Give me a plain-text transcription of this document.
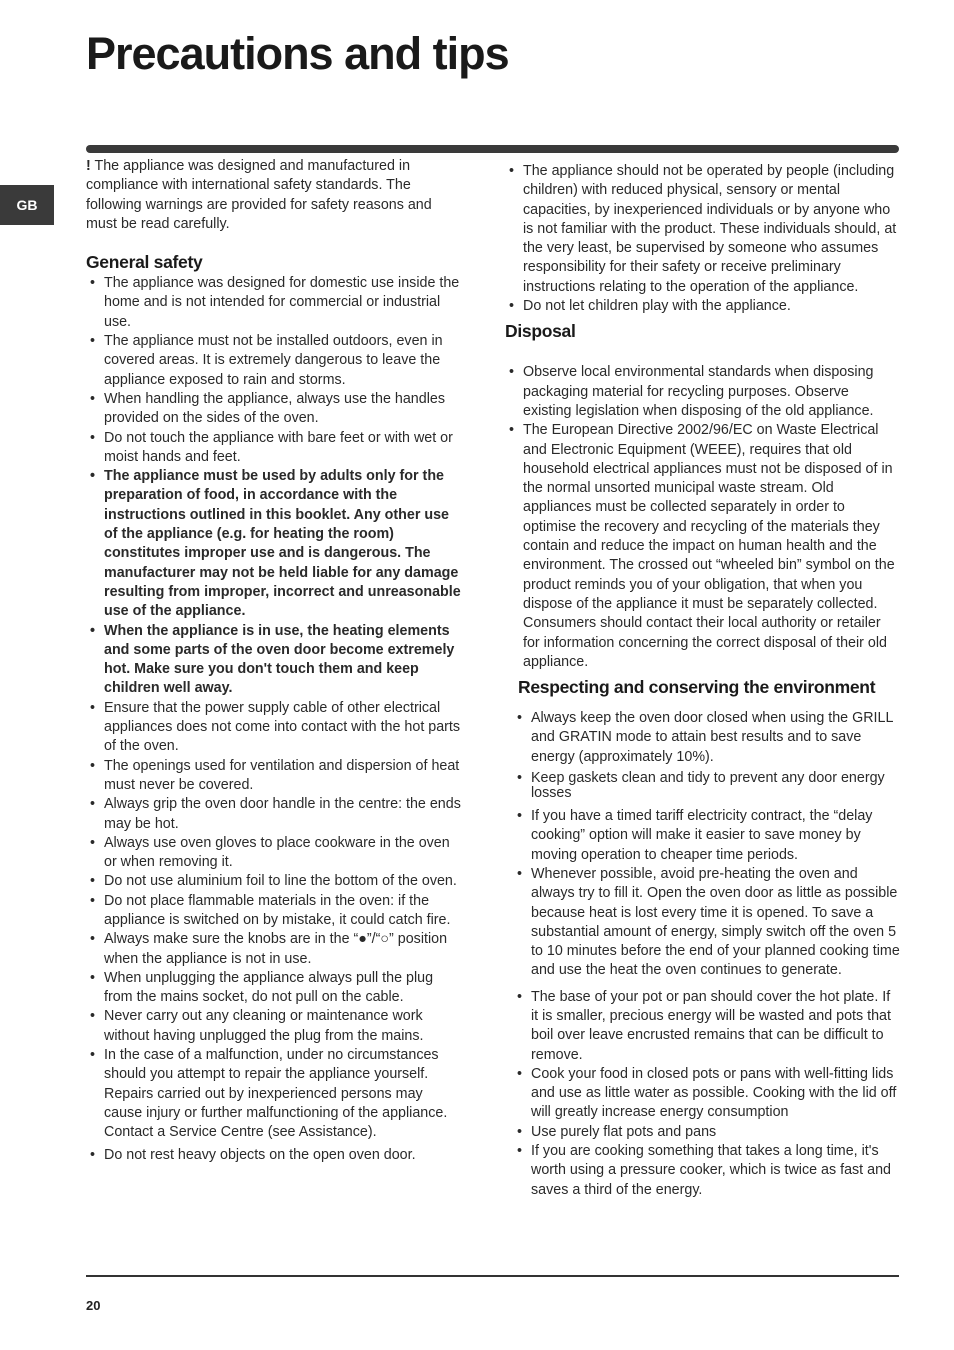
Precautions and tips
GB

! The appliance was designed and manufactured in compliance with international safety standards. The following warnings are provided for safety reasons and must be read carefully.

General safety
• The appliance was designed for domestic use inside the home and is not intended for commercial or industrial use.
• The appliance must not be installed outdoors, even in covered areas. It is extremely dangerous to leave the appliance exposed to rain and storms.
• When handling the appliance, always use the handles provided on the sides of the oven.
• Do not touch the appliance with bare feet or with wet or moist hands and feet.
• The appliance must be used by adults only for the preparation of food, in accordance with the instructions outlined in this booklet. Any other use of the appliance (e.g. for heating the room) constitutes improper use and is dangerous. The manufacturer may not be held liable for any damage resulting from improper, incorrect and unreasonable use of the appliance.
• When the appliance is in use, the heating elements and some parts of the oven door become extremely hot. Make sure you don't touch them and keep children well away.
• Ensure that the power supply cable of other electrical appliances does not come into contact with the hot parts of the oven.
• The openings used for ventilation and dispersion of heat must never be covered.
• Always grip the oven door handle in the centre: the ends may be hot.
• Always use oven gloves to place cookware in the oven or when removing it.
• Do not use aluminium foil to line the bottom of the oven.
• Do not place flammable materials in the oven: if the appliance is switched on by mistake, it could catch fire.
• Always make sure the knobs are in the “●”/“○” position when the appliance is not in use.
• When unplugging the appliance always pull the plug from the mains socket, do not pull on the cable.
• Never carry out any cleaning or maintenance work without having unplugged the plug from the mains.
• In the case of a malfunction, under no circumstances should you attempt to repair the appliance yourself. Repairs carried out by inexperienced persons may cause injury or further malfunctioning of the appliance. Contact a Service Centre (see Assistance).
• Do not rest heavy objects on the open oven door.
• The appliance should not be operated by people (including children) with reduced physical, sensory or mental capacities, by inexperienced individuals or by anyone who is not familiar with the product. These individuals should, at the very least, be supervised by someone who assumes responsibility for their safety or receive preliminary instructions relating to the operation of the appliance.
• Do not let children play with the appliance.
Disposal
• Observe local environmental standards when disposing packaging material for recycling purposes. Observe existing legislation when disposing of the old appliance.
• The European Directive 2002/96/EC on Waste Electrical and Electronic Equipment (WEEE), requires that old household electrical appliances must not be disposed of in the normal unsorted municipal waste stream. Old appliances must be collected separately in order to optimise the recovery and recycling of the materials they contain and reduce the impact on human health and the environment. The crossed out “wheeled bin” symbol on the product reminds you of your obligation, that when you dispose of the appliance it must be separately collected.

Consumers should contact their local authority or retailer for information concerning the correct disposal of their old appliance.

Respecting and conserving the environment
• Always keep the oven door closed when using the GRILL and GRATIN mode to attain best results and to save energy (approximately 10%).
• Keep gaskets clean and tidy to prevent any door energy losses
• If you have a timed tariff electricity contract, the “delay cooking” option will make it easier to save money by moving operation to cheaper time periods.
• Whenever possible, avoid pre-heating the oven and always try to fill it. Open the oven door as little as possible because heat is lost every time it is opened. To save a substantial amount of energy, simply switch off the oven 5 to 10 minutes before the end of your planned cooking time and use the heat the oven continues to generate.
• The base of your pot or pan should cover the hot plate. If it is smaller, precious energy will be wasted and pots that boil over leave encrusted remains that can be difficult to remove.
• Cook your food in closed pots or pans with well-fitting lids and use as little water as possible. Cooking with the lid off will greatly increase energy consumption
• Use purely flat pots and pans
• If you are cooking something that takes a long time, it's worth using a pressure cooker, which is twice as fast and saves a third of the energy.
20
